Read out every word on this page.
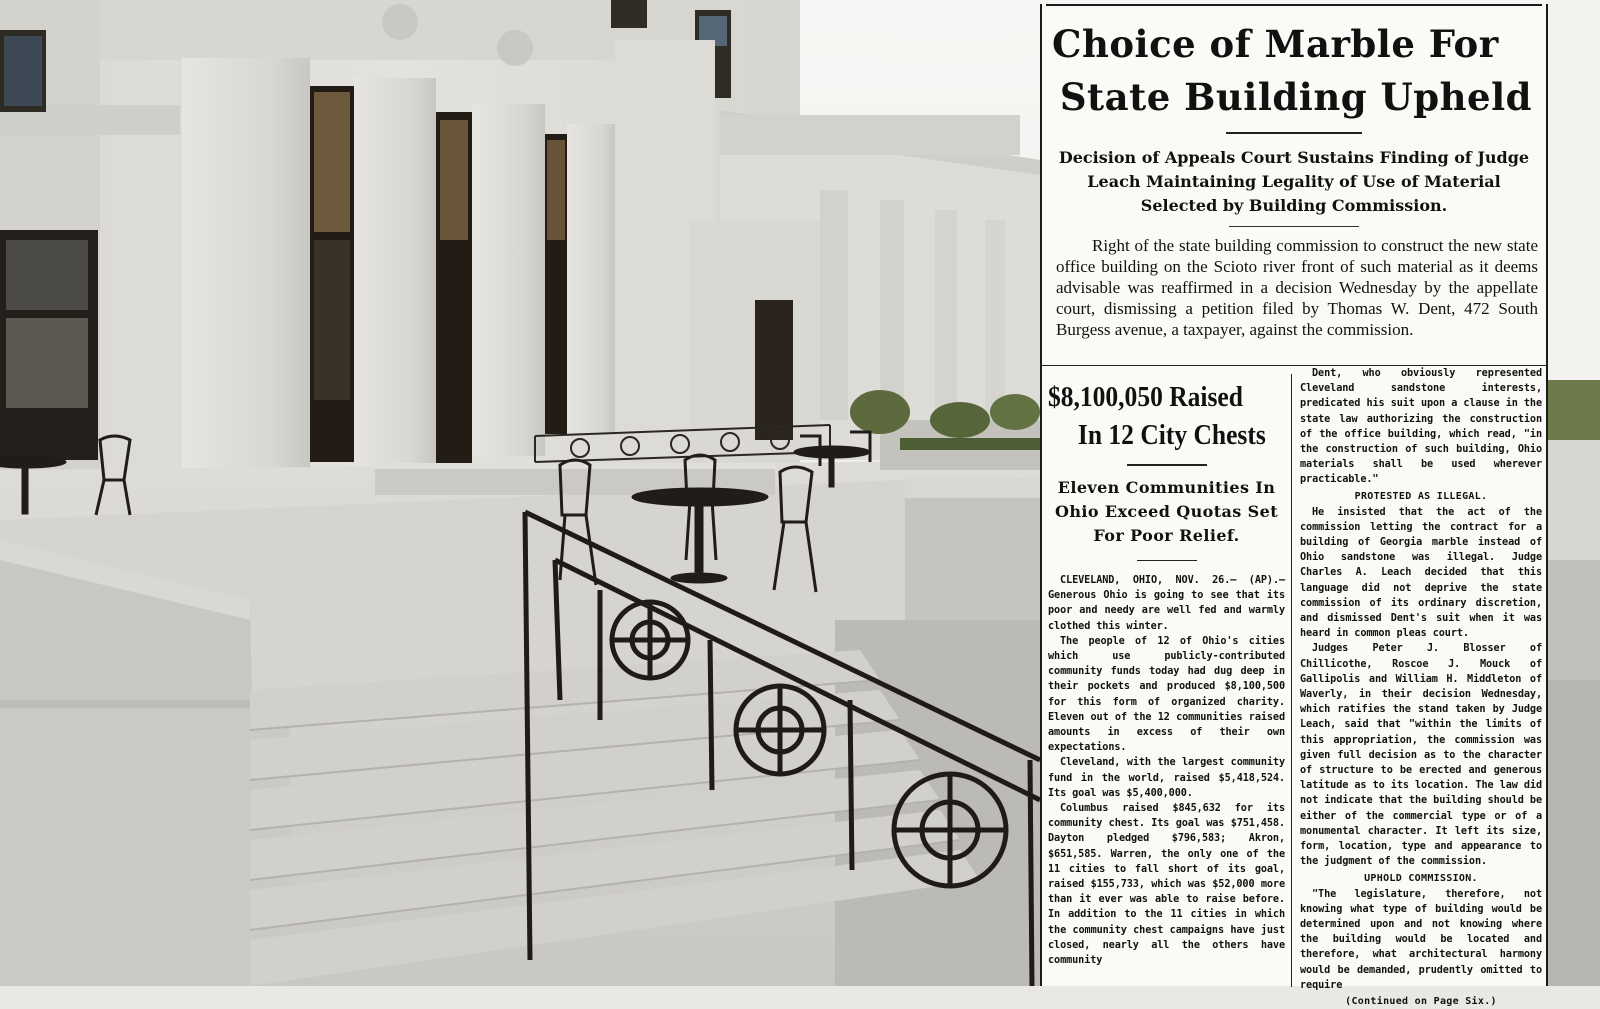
Choice of Marble For
State Building Upheld
Decision of Appeals Court Sustains Finding of Judge Leach Maintaining Legality of Use of Material Selected by Building Commission.
Right of the state building commission to construct the new state office building on the Scioto river front of such material as it deems advisable was reaffirmed in a decision Wednesday by the appellate court, dismissing a petition filed by Thomas W. Dent, 472 South Burgess avenue, a taxpayer, against the commission.
$8,100,050 Raised
In 12 City Chests
Eleven Communities In Ohio Exceed Quotas Set For Poor Relief.

CLEVELAND, OHIO, NOV. 26.— (AP).—Generous Ohio is going to see that its poor and needy are well fed and warmly clothed this winter.

The people of 12 of Ohio's cities which use publicly-contributed community funds today had dug deep in their pockets and produced $8,100,500 for this form of organized charity. Eleven out of the 12 communities raised amounts in excess of their own expectations.

Cleveland, with the largest community fund in the world, raised $5,418,524. Its goal was $5,400,000.

Columbus raised $845,632 for its community chest. Its goal was $751,458. Dayton pledged $796,583; Akron, $651,585. Warren, the only one of the 11 cities to fall short of its goal, raised $155,733, which was $52,000 more than it ever was able to raise before. In addition to the 11 cities in which the community chest campaigns have just closed, nearly all the others have community

Dent, who obviously represented Cleveland sandstone interests, predicated his suit upon a clause in the state law authorizing the construction of the office building, which read, "in the construction of such building, Ohio materials shall be used wherever practicable."

PROTESTED AS ILLEGAL.

He insisted that the act of the commission letting the contract for a building of Georgia marble instead of Ohio sandstone was illegal. Judge Charles A. Leach decided that this language did not deprive the state commission of its ordinary discretion, and dismissed Dent's suit when it was heard in common pleas court.

Judges Peter J. Blosser of Chillicothe, Roscoe J. Mouck of Gallipolis and William H. Middleton of Waverly, in their decision Wednesday, which ratifies the stand taken by Judge Leach, said that "within the limits of this appropriation, the commission was given full decision as to the character of structure to be erected and generous latitude as to its location. The law did not indicate that the building should be either of the commercial type or of a monumental character. It left its size, form, location, type and appearance to the judgment of the commission.

UPHOLD COMMISSION.

"The legislature, therefore, not knowing what type of building would be determined upon and not knowing where the building would be located and therefore, what architectural harmony would be demanded, prudently omitted to require

(Continued on Page Six.)
